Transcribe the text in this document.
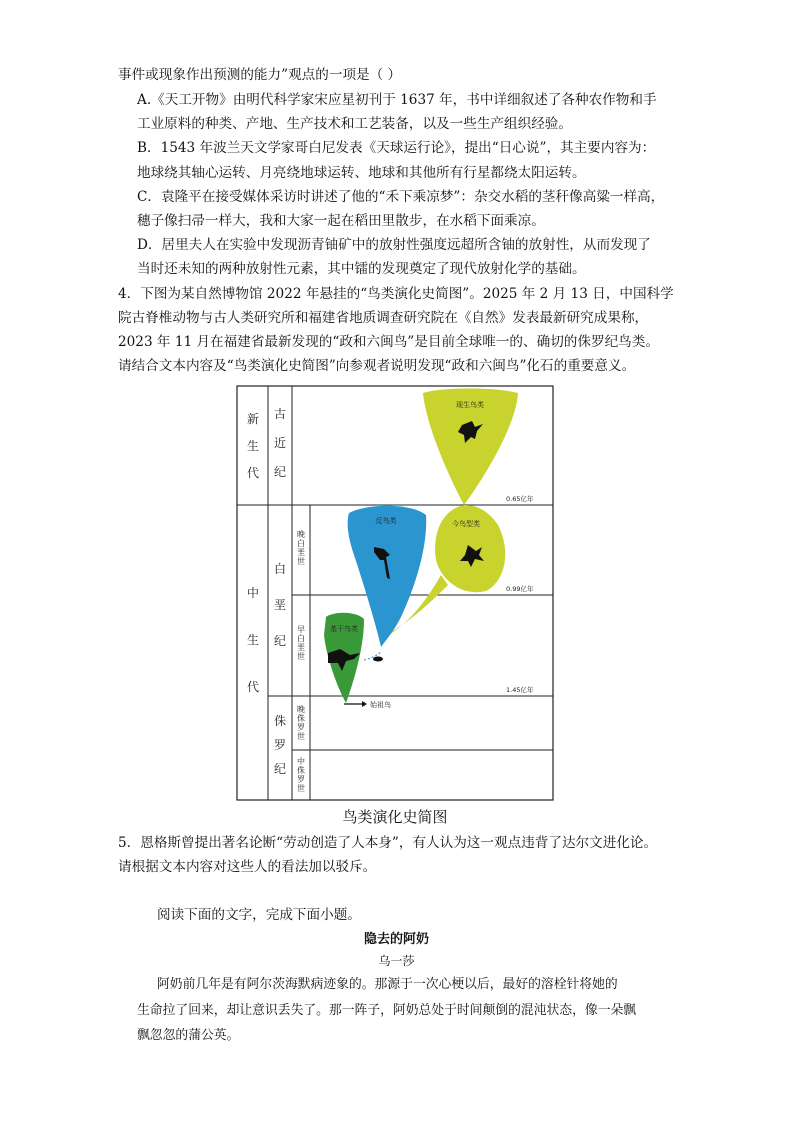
事件或现象作出预测的能力”观点的一项是（ ）
A.《天工开物》由明代科学家宋应星初刊于 1637 年，书中详细叙述了各种农作物和手
工业原料的种类、产地、生产技术和工艺装备，以及一些生产组织经验。
B．1543 年波兰天文学家哥白尼发表《天球运行论》，提出“日心说”，其主要内容为：
地球绕其轴心运转、月亮绕地球运转、地球和其他所有行星都绕太阳运转。
C．袁隆平在接受媒体采访时讲述了他的“禾下乘凉梦”：杂交水稻的茎秆像高粱一样高，
穗子像扫帚一样大，我和大家一起在稻田里散步，在水稻下面乘凉。
D．居里夫人在实验中发现沥青铀矿中的放射性强度远超所含铀的放射性，从而发现了
当时还未知的两种放射性元素，其中镭的发现奠定了现代放射化学的基础。
4．下图为某自然博物馆 2022 年悬挂的“鸟类演化史简图”。2025 年 2 月 13 日，中国科学
院古脊椎动物与古人类研究所和福建省地质调查研究院在《自然》发表最新研究成果称，
2023 年 11 月在福建省最新发现的“政和六闽鸟”是目前全球唯一的、确切的侏罗纪鸟类。
请结合文本内容及“鸟类演化史简图”向参观者说明发现“政和六闽鸟”化石的重要意义。
新
生
代
中
生
代
古
近
纪
白
垩
纪
侏
罗
纪
晚
白
垩
世
早
白
垩
世
晚
侏
罗
世
中
侏
罗
世
0.65亿年
0.99亿年
1.45亿年
现生鸟类
今鸟型类
反鸟类
基干鸟类
始祖鸟
鸟类演化史简图
5．恩格斯曾提出著名论断“劳动创造了人本身”，有人认为这一观点违背了达尔文进化论。
请根据文本内容对这些人的看法加以驳斥。
阅读下面的文字，完成下面小题。
隐去的阿奶
乌一莎
阿奶前几年是有阿尔茨海默病迹象的。那源于一次心梗以后，最好的溶栓针将她的
生命拉了回来，却让意识丢失了。那一阵子，阿奶总处于时间颠倒的混沌状态，像一朵飘
飘忽忽的蒲公英。
